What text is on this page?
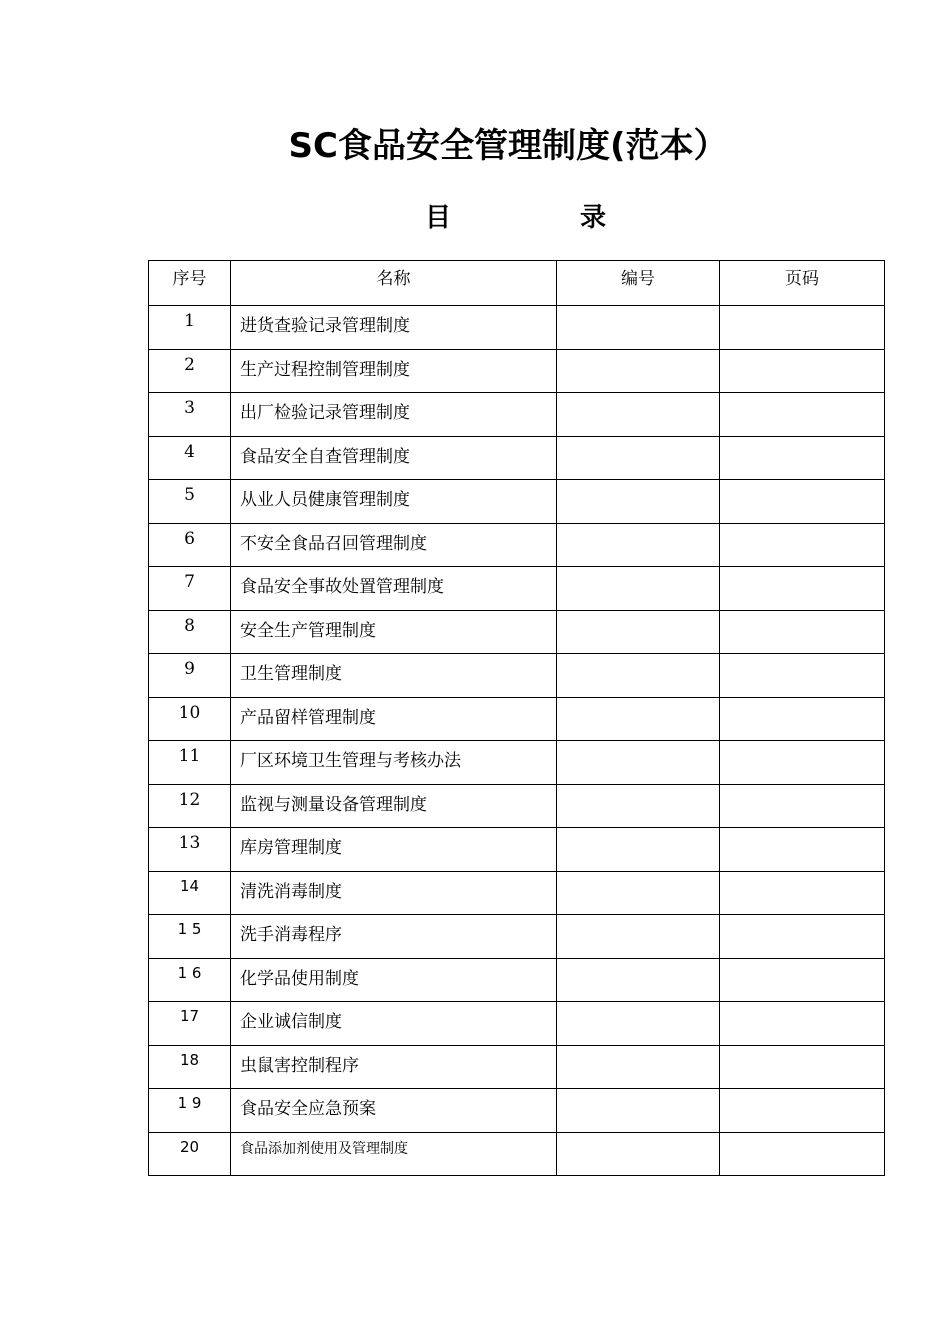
SC食品安全管理制度(范本）
目	录
序号	名称	编号	页码
1	进货查验记录管理制度		
2	生产过程控制管理制度		
3	出厂检验记录管理制度		
4	食品安全自查管理制度		
5	从业人员健康管理制度		
6	不安全食品召回管理制度		
7	食品安全事故处置管理制度		
8	安全生产管理制度		
9	卫生管理制度		
10	产品留样管理制度		
11	厂区环境卫生管理与考核办法		
12	监视与测量设备管理制度		
13	库房管理制度		
14	清洗消毒制度		
1 5	洗手消毒程序		
1 6	化学品使用制度		
17	企业诚信制度		
18	虫鼠害控制程序		
1 9	食品安全应急预案		
20	食品添加剂使用及管理制度		
